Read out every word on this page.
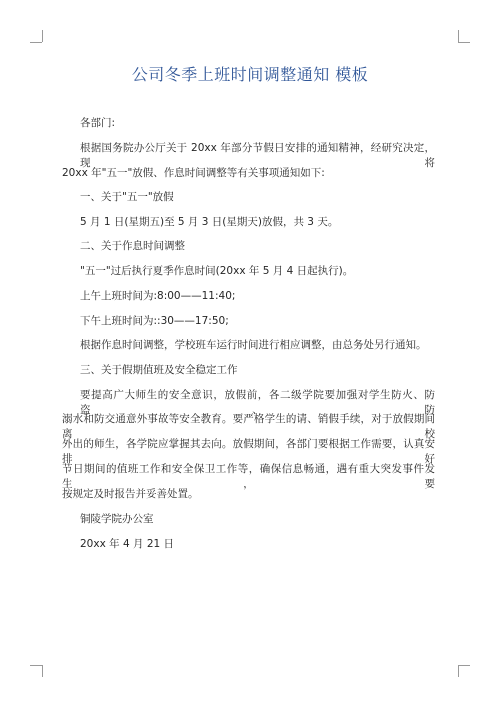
公司冬季上班时间调整通知 模板
各部门:
根据国务院办公厅关于 20xx 年部分节假日安排的通知精神，经研究决定，现将
20xx 年"五一"放假、作息时间调整等有关事项通知如下:
一、关于"五一"放假
5 月 1 日(星期五)至 5 月 3 日(星期天)放假，共 3 天。
二、关于作息时间调整
"五一"过后执行夏季作息时间(20xx 年 5 月 4 日起执行)。
上午上班时间为:8:00——11:40;
下午上班时间为::30——17:50;
根据作息时间调整，学校班车运行时间进行相应调整，由总务处另行通知。
三、关于假期值班及安全稳定工作
要提高广大师生的安全意识，放假前，各二级学院要加强对学生防火、防盗、防
溺水和防交通意外事故等安全教育。要严格学生的请、销假手续，对于放假期间离校
外出的师生，各学院应掌握其去向。放假期间，各部门要根据工作需要，认真安排好
节日期间的值班工作和安全保卫工作等，确保信息畅通，遇有重大突发事件发生，要
按规定及时报告并妥善处置。
铜陵学院办公室
20xx 年 4 月 21 日
